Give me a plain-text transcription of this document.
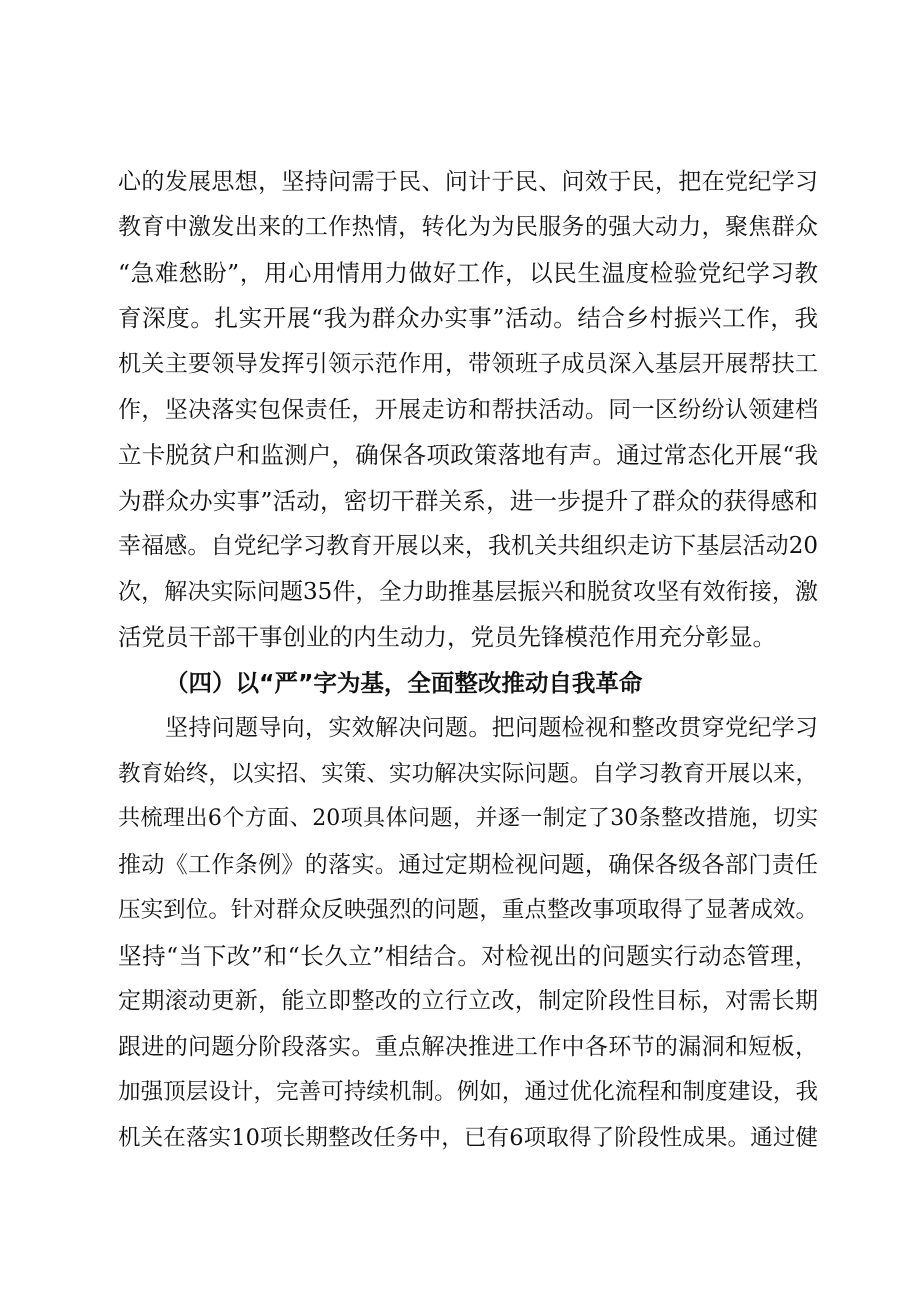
心的发展思想，坚持问需于民、问计于民、问效于民，把在党纪学习
教育中激发出来的工作热情，转化为为民服务的强大动力，聚焦群众
“急难愁盼”，用心用情用力做好工作，以民生温度检验党纪学习教
育深度。扎实开展“我为群众办实事”活动。结合乡村振兴工作，我
机关主要领导发挥引领示范作用，带领班子成员深入基层开展帮扶工
作，坚决落实包保责任，开展走访和帮扶活动。同一区纷纷认领建档
立卡脱贫户和监测户，确保各项政策落地有声。通过常态化开展“我
为群众办实事”活动，密切干群关系，进一步提升了群众的获得感和
幸福感。自党纪学习教育开展以来，我机关共组织走访下基层活动20
次，解决实际问题35件，全力助推基层振兴和脱贫攻坚有效衔接，激
活党员干部干事创业的内生动力，党员先锋模范作用充分彰显。
（四）以“严”字为基，全面整改推动自我革命
坚持问题导向，实效解决问题。把问题检视和整改贯穿党纪学习
教育始终，以实招、实策、实功解决实际问题。自学习教育开展以来，
共梳理出6个方面、20项具体问题，并逐一制定了30条整改措施，切实
推动《工作条例》的落实。通过定期检视问题，确保各级各部门责任
压实到位。针对群众反映强烈的问题，重点整改事项取得了显著成效。
坚持“当下改”和“长久立”相结合。对检视出的问题实行动态管理，
定期滚动更新，能立即整改的立行立改，制定阶段性目标，对需长期
跟进的问题分阶段落实。重点解决推进工作中各环节的漏洞和短板，
加强顶层设计，完善可持续机制。例如，通过优化流程和制度建设，我
机关在落实10项长期整改任务中，已有6项取得了阶段性成果。通过健
